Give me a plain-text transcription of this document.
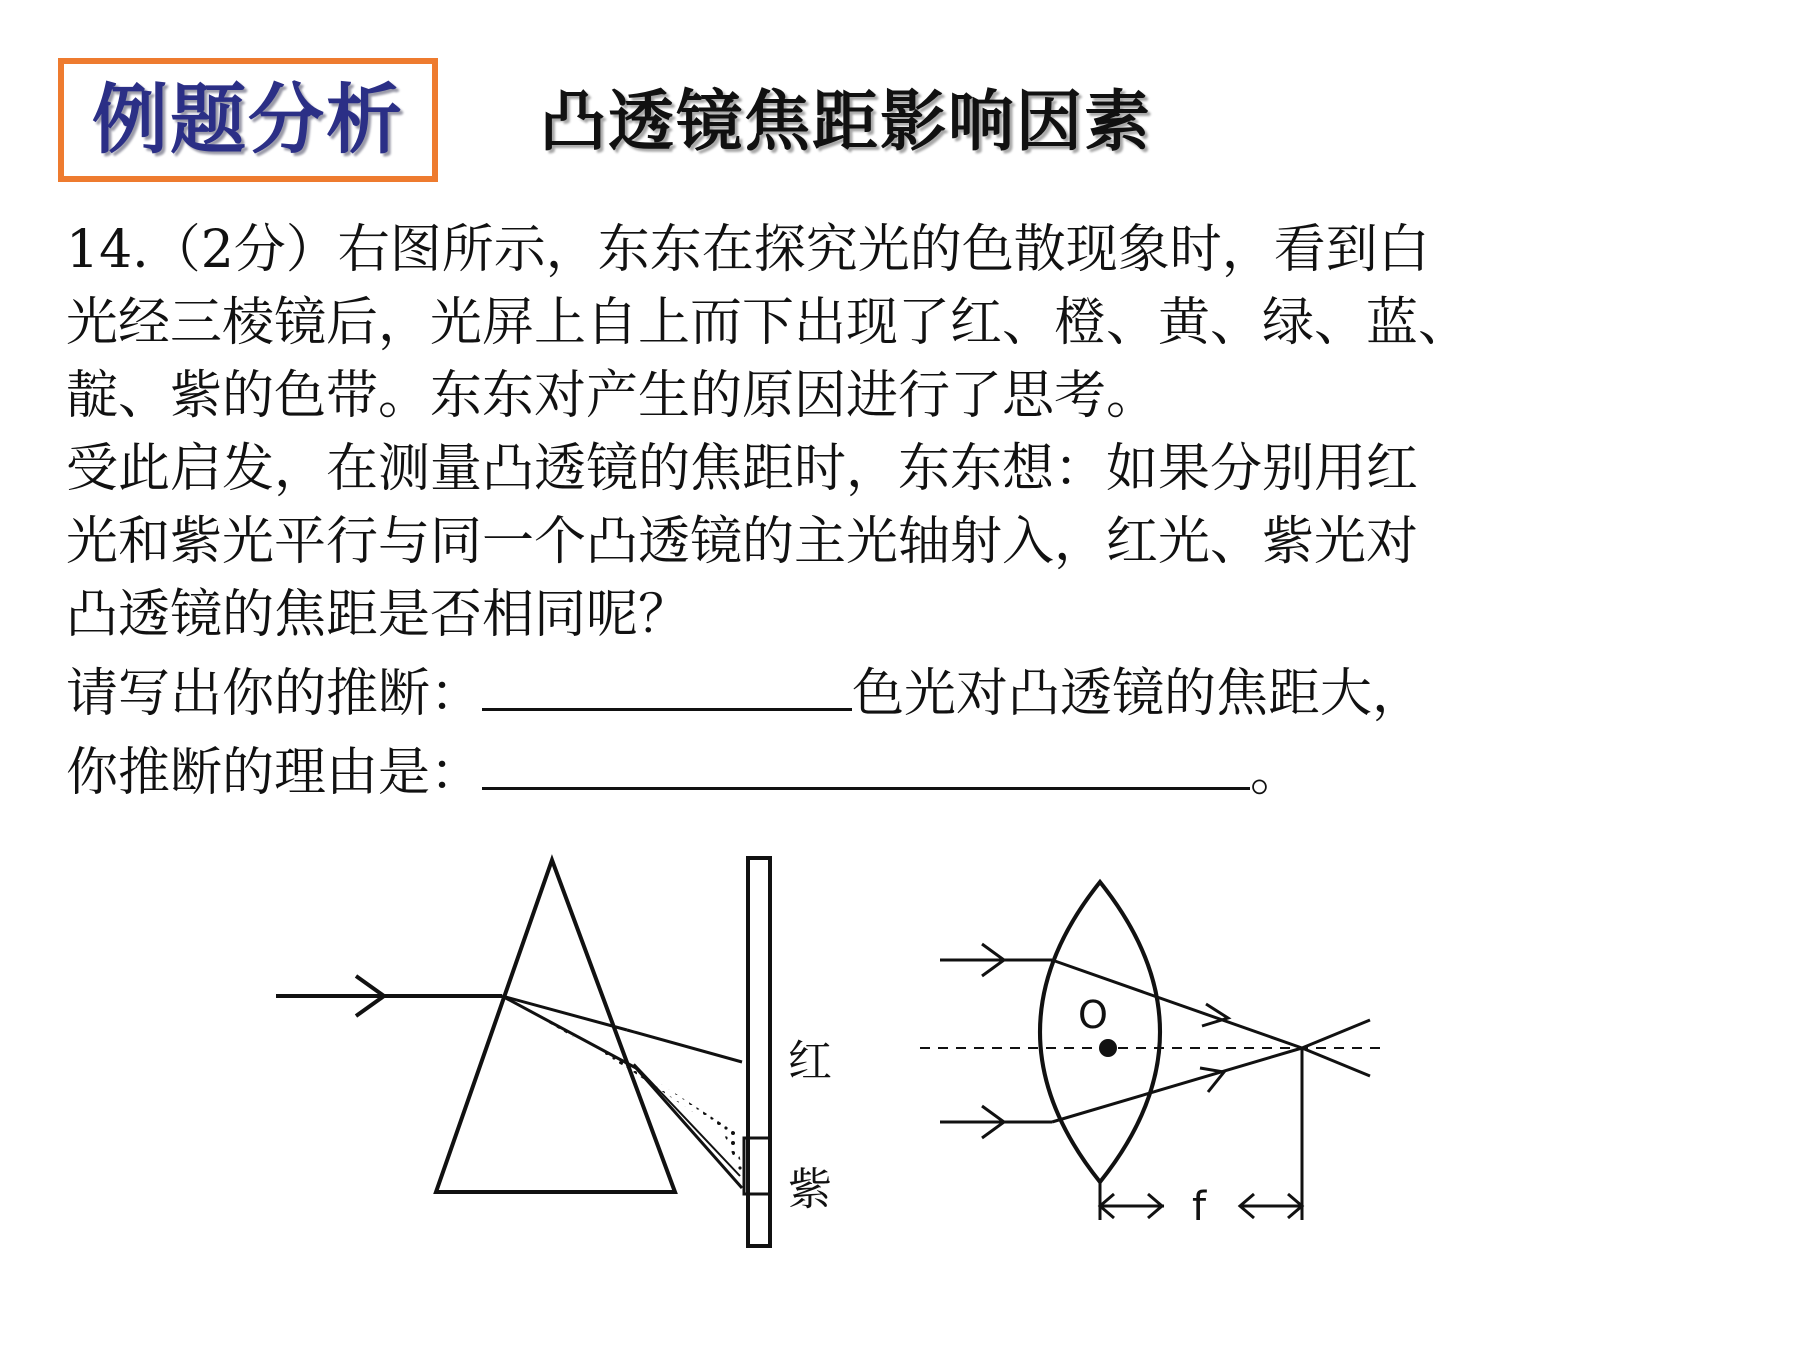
例题分析 凸透镜焦距影响因素
14.（2分）右图所示，东东在探究光的色散现象时，看到白
光经三棱镜后，光屏上自上而下出现了红、橙、黄、绿、蓝、
靛、紫的色带。东东对产生的原因进行了思考。
受此启发，在测量凸透镜的焦距时，东东想：如果分别用红
光和紫光平行与同一个凸透镜的主光轴射入，红光、紫光对
凸透镜的焦距是否相同呢？
请写出你的推断：	色光对凸透镜的焦距大，
你推断的理由是：	。
红
紫
O
f
